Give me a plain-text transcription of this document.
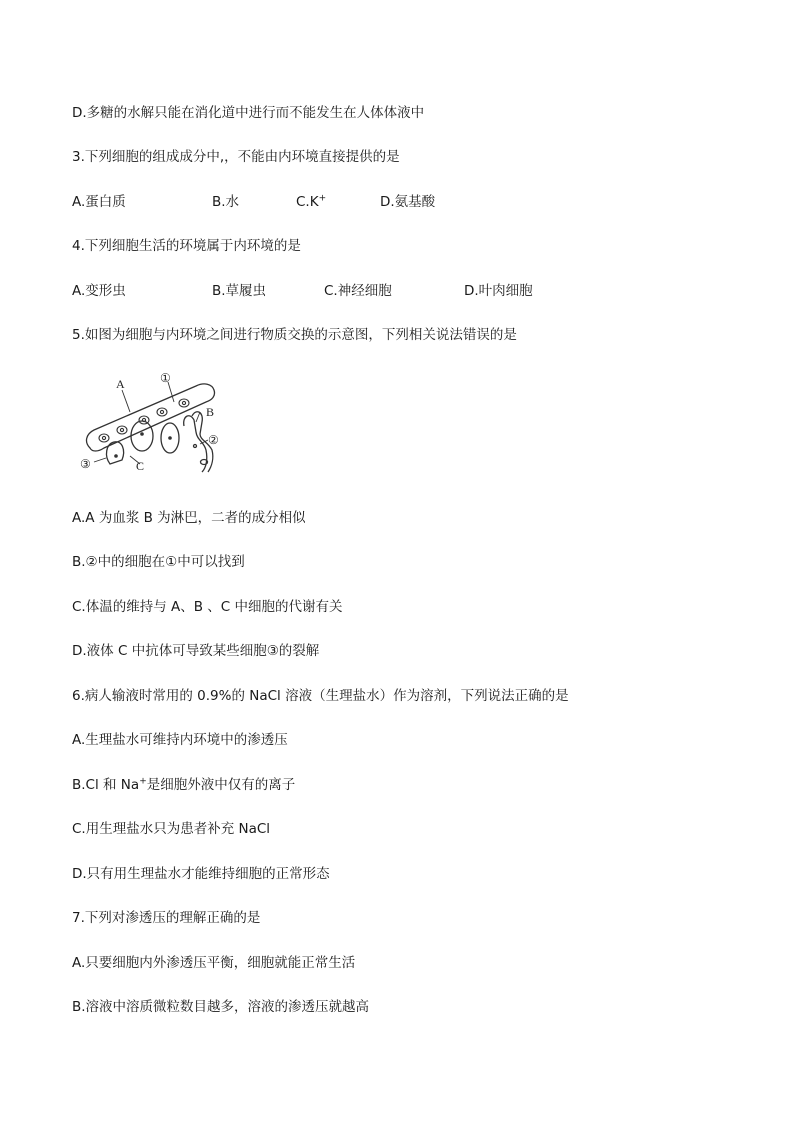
D.多糖的水解只能在消化道中进行而不能发生在人体体液中
3.下列细胞的组成成分中,，不能由内环境直接提供的是
A.蛋白质	B.水	C.K+	D.氨基酸
4.下列细胞生活的环境属于内环境的是
A.变形虫	B.草履虫	C.神经细胞	D.叶肉细胞
5.如图为细胞与内环境之间进行物质交换的示意图，下列相关说法错误的是
A
B
C
①
②
③
A.A 为血浆 B 为淋巴，二者的成分相似
B.②中的细胞在①中可以找到
C.体温的维持与 A、B 、C 中细胞的代谢有关
D.液体 C 中抗体可导致某些细胞③的裂解
6.病人输液时常用的 0.9%的 NaCl 溶液（生理盐水）作为溶剂，下列说法正确的是
A.生理盐水可维持内环境中的渗透压
B.Cl 和 Na+是细胞外液中仅有的离子
C.用生理盐水只为患者补充 NaCl
D.只有用生理盐水才能维持细胞的正常形态
7.下列对渗透压的理解正确的是
A.只要细胞内外渗透压平衡，细胞就能正常生活
B.溶液中溶质微粒数目越多，溶液的渗透压就越高
